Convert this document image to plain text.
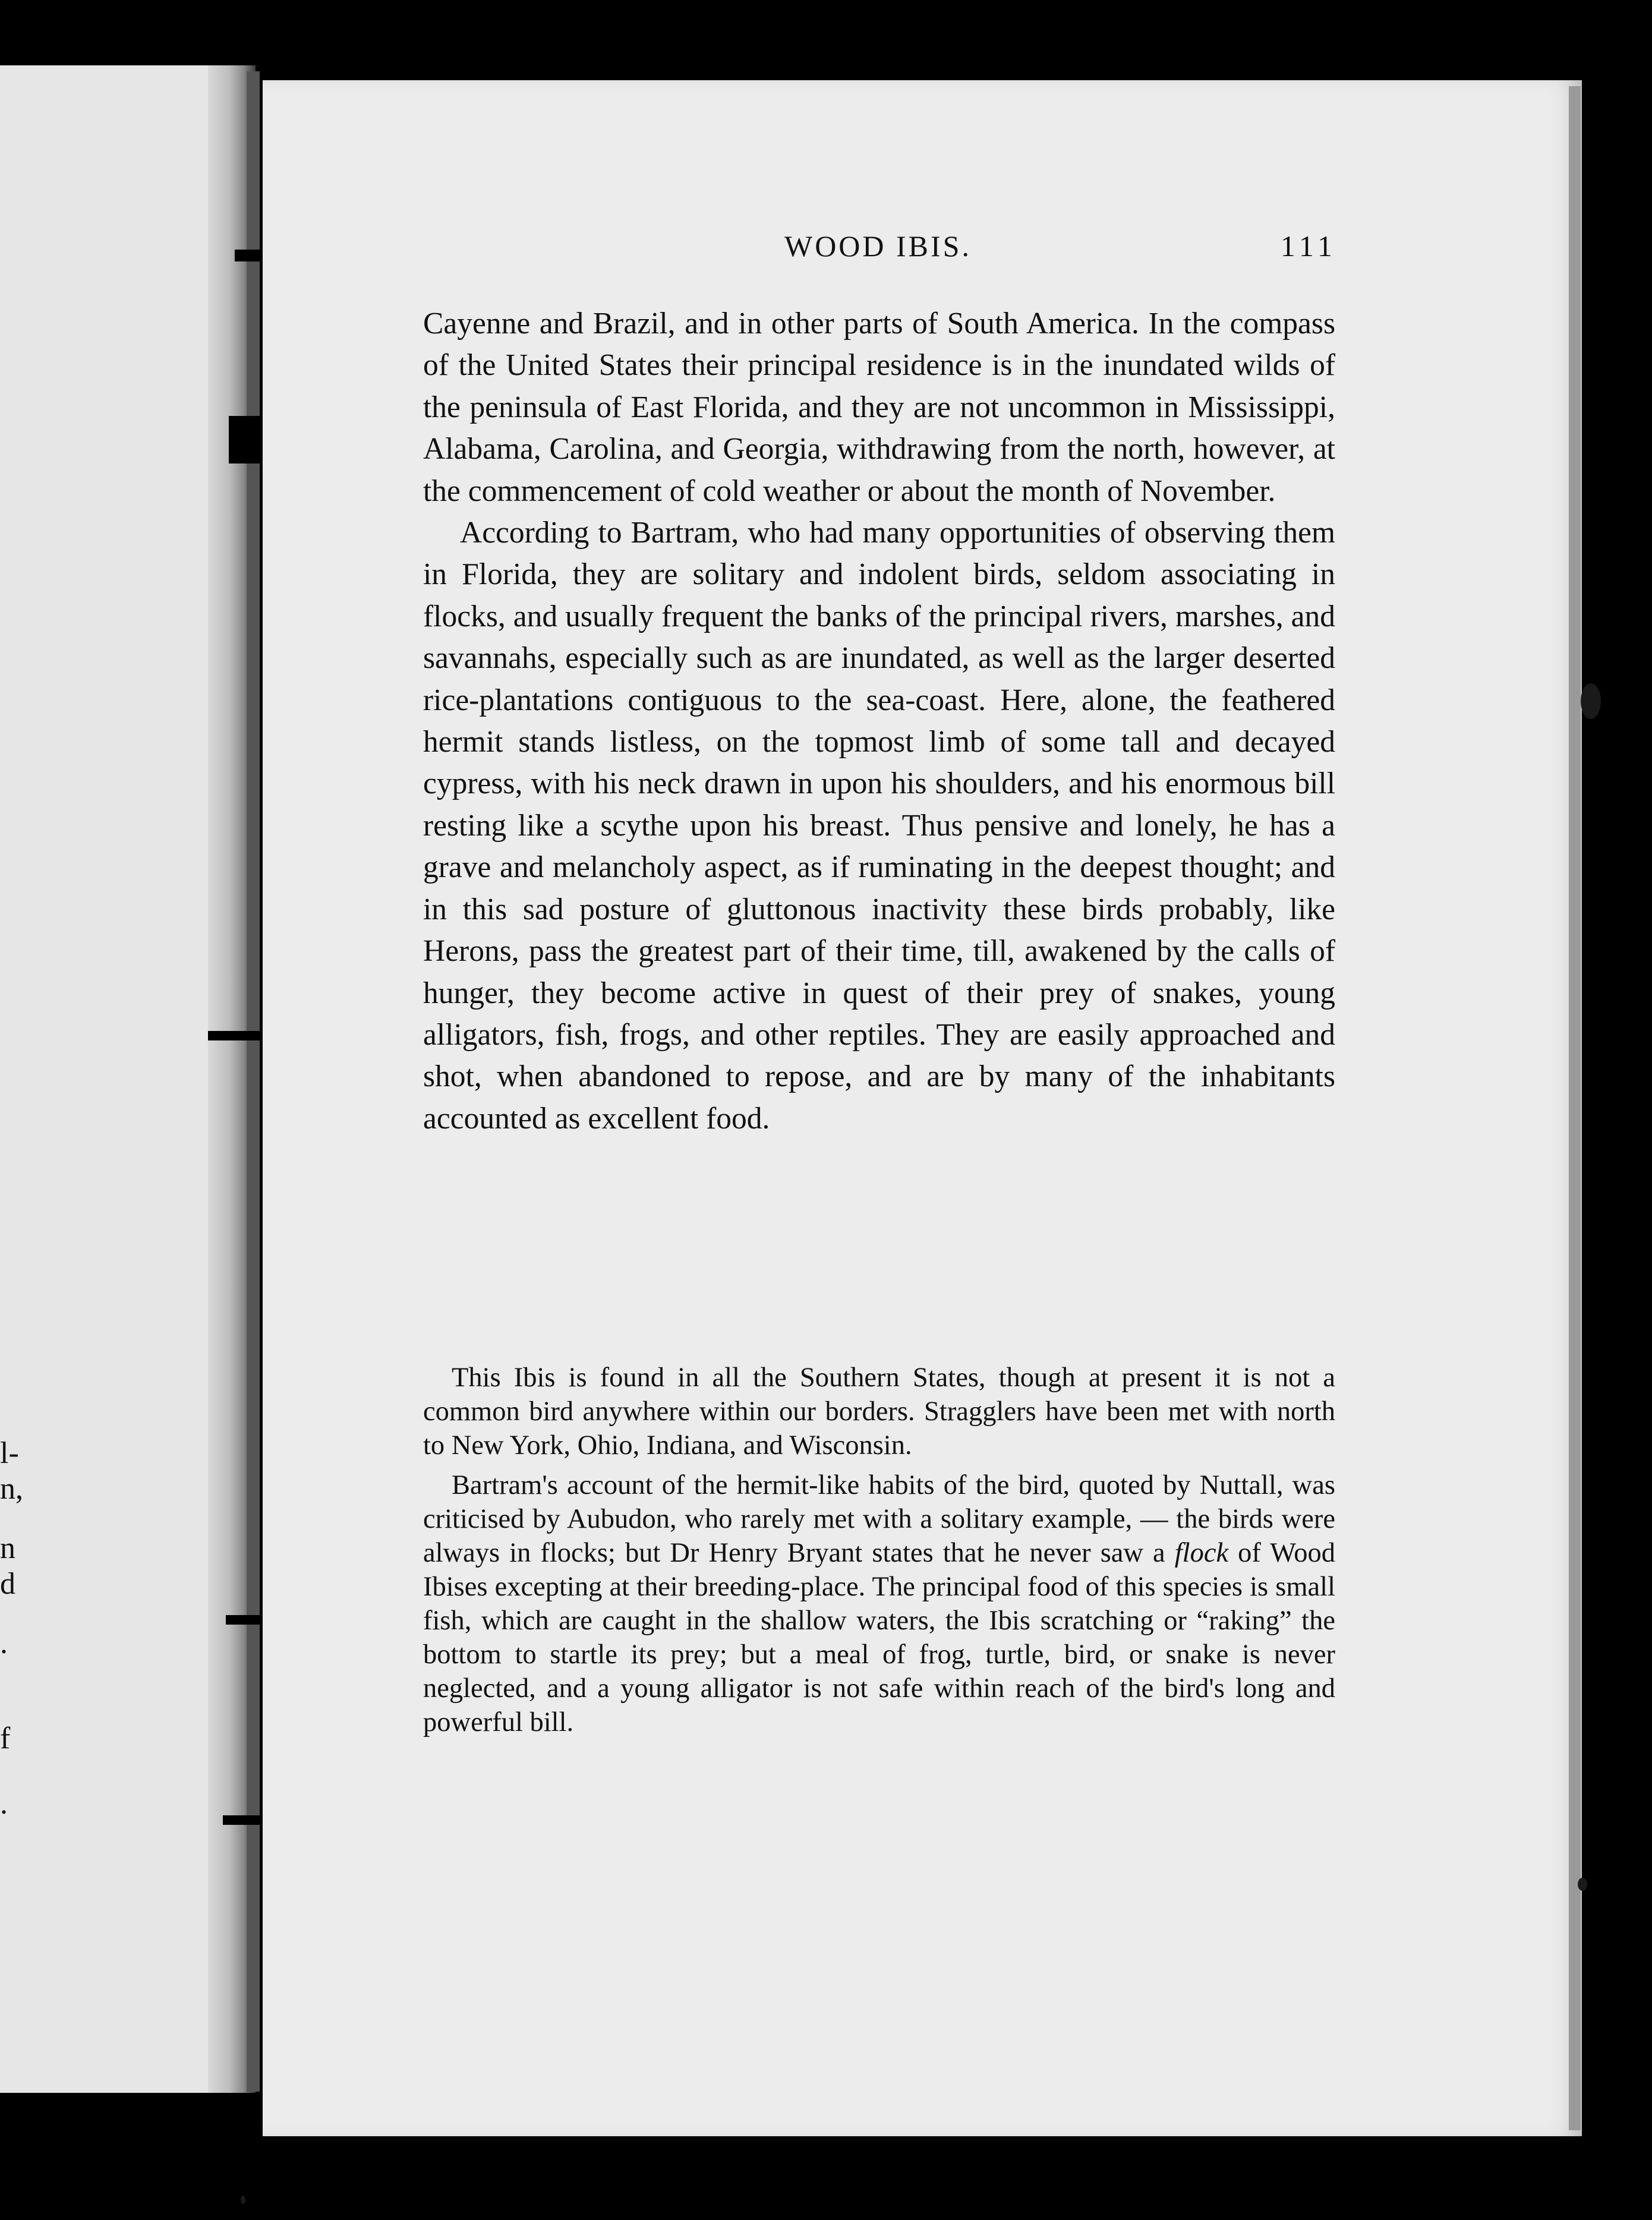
l-
n,
n
d
.
f
.
WOOD IBIS.	111

Cayenne and Brazil, and in other parts of South America. In the compass of the United States their principal residence is in the inundated wilds of the peninsula of East Florida, and they are not uncommon in Mississippi, Alabama, Carolina, and Georgia, withdrawing from the north, however, at the commencement of cold weather or about the month of November.

According to Bartram, who had many opportunities of observing them in Florida, they are solitary and indolent birds, seldom associating in flocks, and usually frequent the banks of the principal rivers, marshes, and savannahs, especially such as are inundated, as well as the larger deserted rice-plantations contiguous to the sea-coast. Here, alone, the feathered hermit stands listless, on the topmost limb of some tall and decayed cypress, with his neck drawn in upon his shoulders, and his enormous bill resting like a scythe upon his breast. Thus pensive and lonely, he has a grave and melancholy aspect, as if ruminating in the deepest thought; and in this sad posture of gluttonous inactivity these birds probably, like Herons, pass the greatest part of their time, till, awakened by the calls of hunger, they become active in quest of their prey of snakes, young alligators, fish, frogs, and other reptiles. They are easily approached and shot, when abandoned to repose, and are by many of the inhabitants accounted as excellent food.

This Ibis is found in all the Southern States, though at present it is not a common bird anywhere within our borders. Stragglers have been met with north to New York, Ohio, Indiana, and Wisconsin.

Bartram's account of the hermit-like habits of the bird, quoted by Nuttall, was criticised by Aubudon, who rarely met with a solitary example, — the birds were always in flocks; but Dr Henry Bryant states that he never saw a flock of Wood Ibises excepting at their breeding-place. The principal food of this species is small fish, which are caught in the shallow waters, the Ibis scratching or “raking” the bottom to startle its prey; but a meal of frog, turtle, bird, or snake is never neglected, and a young alligator is not safe within reach of the bird's long and powerful bill.
